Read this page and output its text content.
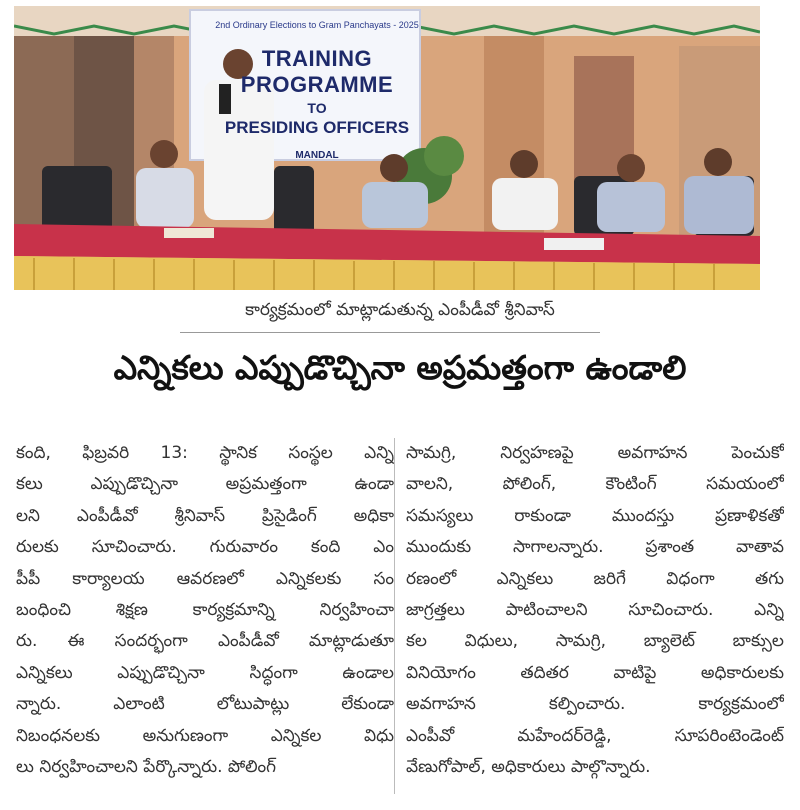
2nd Ordinary Elections to Gram Panchayats - 2025
TRAINING PROGRAMME
TO
PRESIDING OFFICERS
MANDAL
కార్యక్రమంలో మాట్లాడుతున్న ఎంపీడీవో శ్రీనివాస్
ఎన్నికలు ఎప్పుడొచ్చినా అప్రమత్తంగా ఉండాలి
కంది, ఫిబ్రవరి 13: స్థానిక సంస్థల ఎన్ని
కలు ఎప్పుడొచ్చినా అప్రమత్తంగా ఉండా
లని ఎంపీడీవో శ్రీనివాస్ ప్రిసైడింగ్ అధికా
రులకు సూచించారు. గురువారం కంది ఎం
పీపీ కార్యాలయ ఆవరణలో ఎన్నికలకు సం
బంధించి శిక్షణ కార్యక్రమాన్ని నిర్వహించా
రు. ఈ సందర్భంగా ఎంపీడీవో మాట్లాడుతూ
ఎన్నికలు ఎప్పుడొచ్చినా సిద్ధంగా ఉండాల
న్నారు. ఎలాంటి లోటుపాట్లు లేకుండా
నిబంధనలకు అనుగుణంగా ఎన్నికల విధు
లు నిర్వహించాలని పేర్కొన్నారు. పోలింగ్
సామగ్రి, నిర్వహణపై అవగాహన పెంచుకో
వాలని, పోలింగ్, కౌంటింగ్ సమయంలో
సమస్యలు రాకుండా ముందస్తు ప్రణాళికతో
ముందుకు సాగాలన్నారు. ప్రశాంత వాతావ
రణంలో ఎన్నికలు జరిగే విధంగా తగు
జాగ్రత్తలు పాటించాలని సూచించారు. ఎన్ని
కల విధులు, సామగ్రి, బ్యాలెట్ బాక్సుల
వినియోగం తదితర వాటిపై అధికారులకు
అవగాహన కల్పించారు. కార్యక్రమంలో
ఎంపీవో మహేందర్‌రెడ్డి, సూపరింటెండెంట్
వేణుగోపాల్, అధికారులు పాల్గొన్నారు.
